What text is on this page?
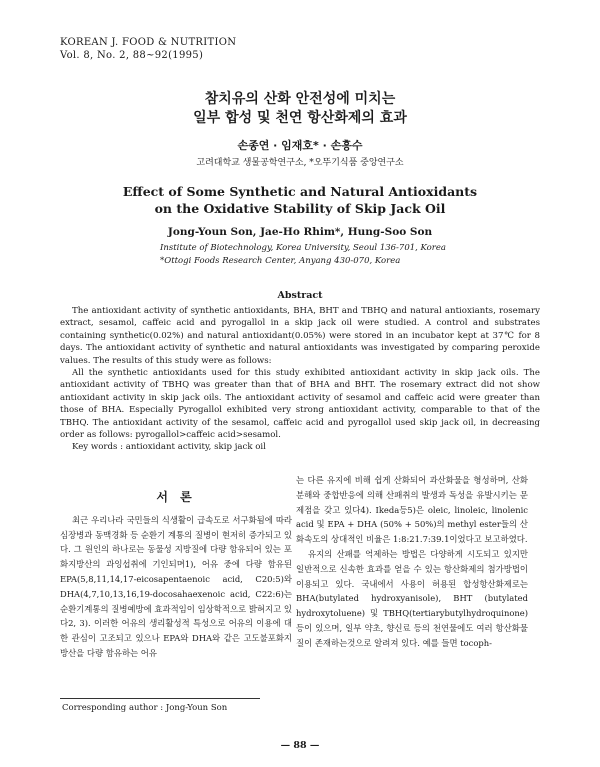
KOREAN J. FOOD & NUTRITION
Vol. 8, No. 2, 88~92(1995)
참치유의 산화 안전성에 미치는
일부 합성 및 천연 항산화제의 효과
손종연 · 임재호* · 손흥수
고려대학교 생물공학연구소, *오뚜기식품 중앙연구소
Effect of Some Synthetic and Natural Antioxidants
on the Oxidative Stability of Skip Jack Oil
Jong-Youn Son, Jae-Ho Rhim*, Hung-Soo Son
Institute of Biotechnology, Korea University, Seoul 136-701, Korea
*Ottogi Foods Research Center, Anyang 430-070, Korea
Abstract

The antioxidant activity of synthetic antioxidants, BHA, BHT and TBHQ and natural antioxiants, rosemary extract, sesamol, caffeic acid and pyrogallol in a skip jack oil were studied. A control and substrates containing synthetic(0.02%) and natural antioxidant(0.05%) were stored in an incubator kept at 37℃ for 8 days. The antioxidant activity of synthetic and natural antioxidants was investigated by comparing peroxide values. The results of this study were as follows:

All the synthetic antioxidants used for this study exhibited antioxidant activity in skip jack oils. The antioxidant activity of TBHQ was greater than that of BHA and BHT. The rosemary extract did not show antioxidant activity in skip jack oils. The antioxidant activity of sesamol and caffeic acid were greater than those of BHA. Especially Pyrogallol exhibited very strong antioxidant activity, comparable to that of the TBHQ. The antioxidant activity of the sesamol, caffeic acid and pyrogallol used skip jack oil, in decreasing order as follows: pyrogallol>caffeic acid>sesamol.

Key words : antioxidant activity, skip jack oil

서 론

최근 우리나라 국민들의 식생활이 급속도로 서구화됨에 따라 심장병과 동맥경화 등 순환기 계통의 질병이 현저히 증가되고 있다. 그 원인의 하나로는 동물성 지방질에 다량 함유되어 있는 포화지방산의 과잉섭취에 기인되며1), 어유 중에 다량 함유된 EPA(5,8,11,14,17-eicosapentaenoic acid, C20:5)와 DHA(4,7,10,13,16,19-docosahaexenoic acid, C22:6)는 순환기계통의 질병예방에 효과적임이 임상학적으로 밝혀지고 있다2, 3). 이러한 어유의 생리활성적 특성으로 어유의 이용에 대한 관심이 고조되고 있으나 EPA와 DHA와 같은 고도불포화지방산을 다량 함유하는 어유

는 다른 유지에 비해 쉽게 산화되어 과산화물을 형성하며, 산화분해와 중합반응에 의해 산패취의 발생과 독성을 유발시키는 문제점을 갖고 있다4). Ikeda등5)은 oleic, linoleic, linolenic acid 및 EPA + DHA (50% + 50%)의 methyl ester들의 산화속도의 상대적인 비율은 1:8:21.7:39.1이었다고 보고하였다.

유지의 산패를 억제하는 방법은 다양하게 시도되고 있지만 일반적으로 신속한 효과를 얻을 수 있는 항산화제의 첨가방법이 이용되고 있다. 국내에서 사용이 허용된 합성항산화제로는 BHA(butylated hydroxyanisole), BHT (butylated hydroxytoluene) 및 TBHQ(tertiarybutylhydroquinone) 등이 있으며, 일부 약초, 향신료 등의 천연물에도 여러 항산화물질이 존재하는것으로 알려져 있다. 예를 들면 tocoph-

Corresponding author : Jong-Youn Son
— 88 —
